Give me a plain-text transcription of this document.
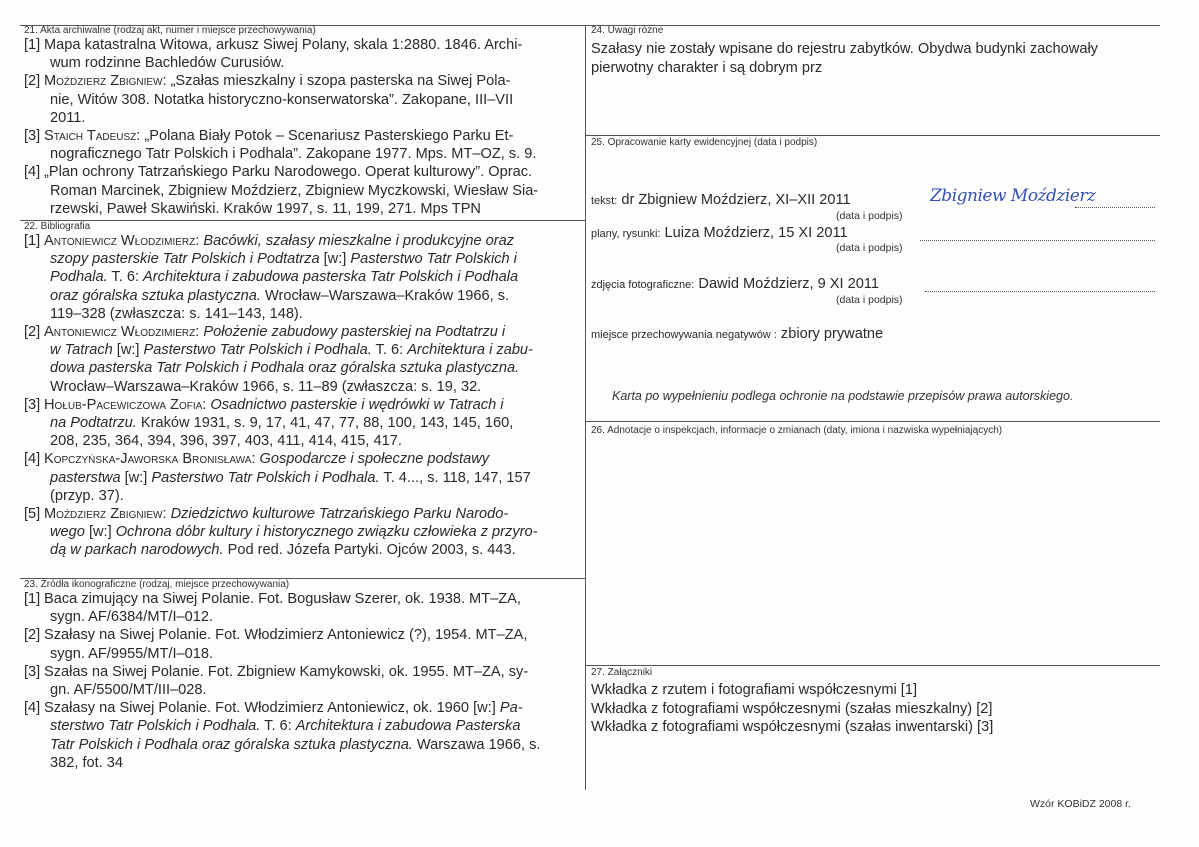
21. Akta archiwalne (rodzaj akt, numer i miejsce przechowywania)

[1] Mapa katastralna Witowa, arkusz Siwej Polany, skala 1:2880. 1846. Archi-
wum rodzinne Bachledów Curusiów.

[2] Moździerz Zbigniew: „Szałas mieszkalny i szopa pasterska na Siwej Pola-
nie, Witów 308. Notatka historyczno-konserwatorska”. Zakopane, III–VII
2011.

[3] Staich Tadeusz: „Polana Biały Potok – Scenariusz Pasterskiego Parku Et-
nograficznego Tatr Polskich i Podhala”. Zakopane 1977. Mps. MT–OZ, s. 9.

[4] „Plan ochrony Tatrzańskiego Parku Narodowego. Operat kulturowy”. Oprac.
Roman Marcinek, Zbigniew Moździerz, Zbigniew Myczkowski, Wiesław Sia-
rzewski, Paweł Skawiński. Kraków 1997, s. 11, 199, 271. Mps TPN

22. Bibliografia

[1] Antoniewicz Włodzimierz: Bacówki, szałasy mieszkalne i produkcyjne oraz
szopy pasterskie Tatr Polskich i Podtatrza [w:] Pasterstwo Tatr Polskich i
Podhala. T. 6: Architektura i zabudowa pasterska Tatr Polskich i Podhala
oraz góralska sztuka plastyczna. Wrocław–Warszawa–Kraków 1966, s.
119–328 (zwłaszcza: s. 141–143, 148).

[2] Antoniewicz Włodzimierz: Położenie zabudowy pasterskiej na Podtatrzu i
w Tatrach [w:] Pasterstwo Tatr Polskich i Podhala. T. 6: Architektura i zabu-
dowa pasterska Tatr Polskich i Podhala oraz góralska sztuka plastyczna.
Wrocław–Warszawa–Kraków 1966, s. 11–89 (zwłaszcza: s. 19, 32.

[3] Hołub-Pacewiczowa Zofia: Osadnictwo pasterskie i wędrówki w Tatrach i
na Podtatrzu. Kraków 1931, s. 9, 17, 41, 47, 77, 88, 100, 143, 145, 160,
208, 235, 364, 394, 396, 397, 403, 411, 414, 415, 417.

[4] Kopczyńska-Jaworska Bronisława: Gospodarcze i społeczne podstawy
pasterstwa [w:] Pasterstwo Tatr Polskich i Podhala. T. 4..., s. 118, 147, 157
(przyp. 37).

[5] Moździerz Zbigniew: Dziedzictwo kulturowe Tatrzańskiego Parku Narodo-
wego [w:] Ochrona dóbr kultury i historycznego związku człowieka z przyro-
dą w parkach narodowych. Pod red. Józefa Partyki. Ojców 2003, s. 443.

23. Źródła ikonograficzne (rodzaj, miejsce przechowywania)

[1] Baca zimujący na Siwej Polanie. Fot. Bogusław Szerer, ok. 1938. MT–ZA,
sygn. AF/6384/MT/I–012.

[2] Szałasy na Siwej Polanie. Fot. Włodzimierz Antoniewicz (?), 1954. MT–ZA,
sygn. AF/9955/MT/I–018.

[3] Szałas na Siwej Polanie. Fot. Zbigniew Kamykowski, ok. 1955. MT–ZA, sy-
gn. AF/5500/MT/III–028.

[4] Szałasy na Siwej Polanie. Fot. Włodzimierz Antoniewicz, ok. 1960 [w:] Pa-
sterstwo Tatr Polskich i Podhala. T. 6: Architektura i zabudowa Pasterska
Tatr Polskich i Podhala oraz góralska sztuka plastyczna. Warszawa 1966, s.
382, fot. 34

24. Uwagi różne
Szałasy nie zostały wpisane do rejestru zabytków. Obydwa budynki zachowały
pierwotny charakter i są dobrym prz
25. Opracowanie karty ewidencyjnej (data i podpis)
tekst: dr Zbigniew Moździerz, XI–XII 2011	Zbigniew Moździerz
(data i podpis)
plany, rysunki: Luiza Moździerz, 15 XI 2011
(data i podpis)
zdjęcia fotograficzne: Dawid Moździerz, 9 XI 2011
(data i podpis)
miejsce przechowywania negatywów : zbiory prywatne
Karta po wypełnieniu podlega ochronie na podstawie przepisów prawa autorskiego.
26. Adnotacje o inspekcjach, informacje o zmianach (daty, imiona i nazwiska wypełniających)
27. Załączniki
Wkładka z rzutem i fotografiami współczesnymi [1]
Wkładka z fotografiami współczesnymi (szałas mieszkalny) [2]
Wkładka z fotografiami współczesnymi (szałas inwentarski) [3]
Wzór KOBiDZ 2008 r.
